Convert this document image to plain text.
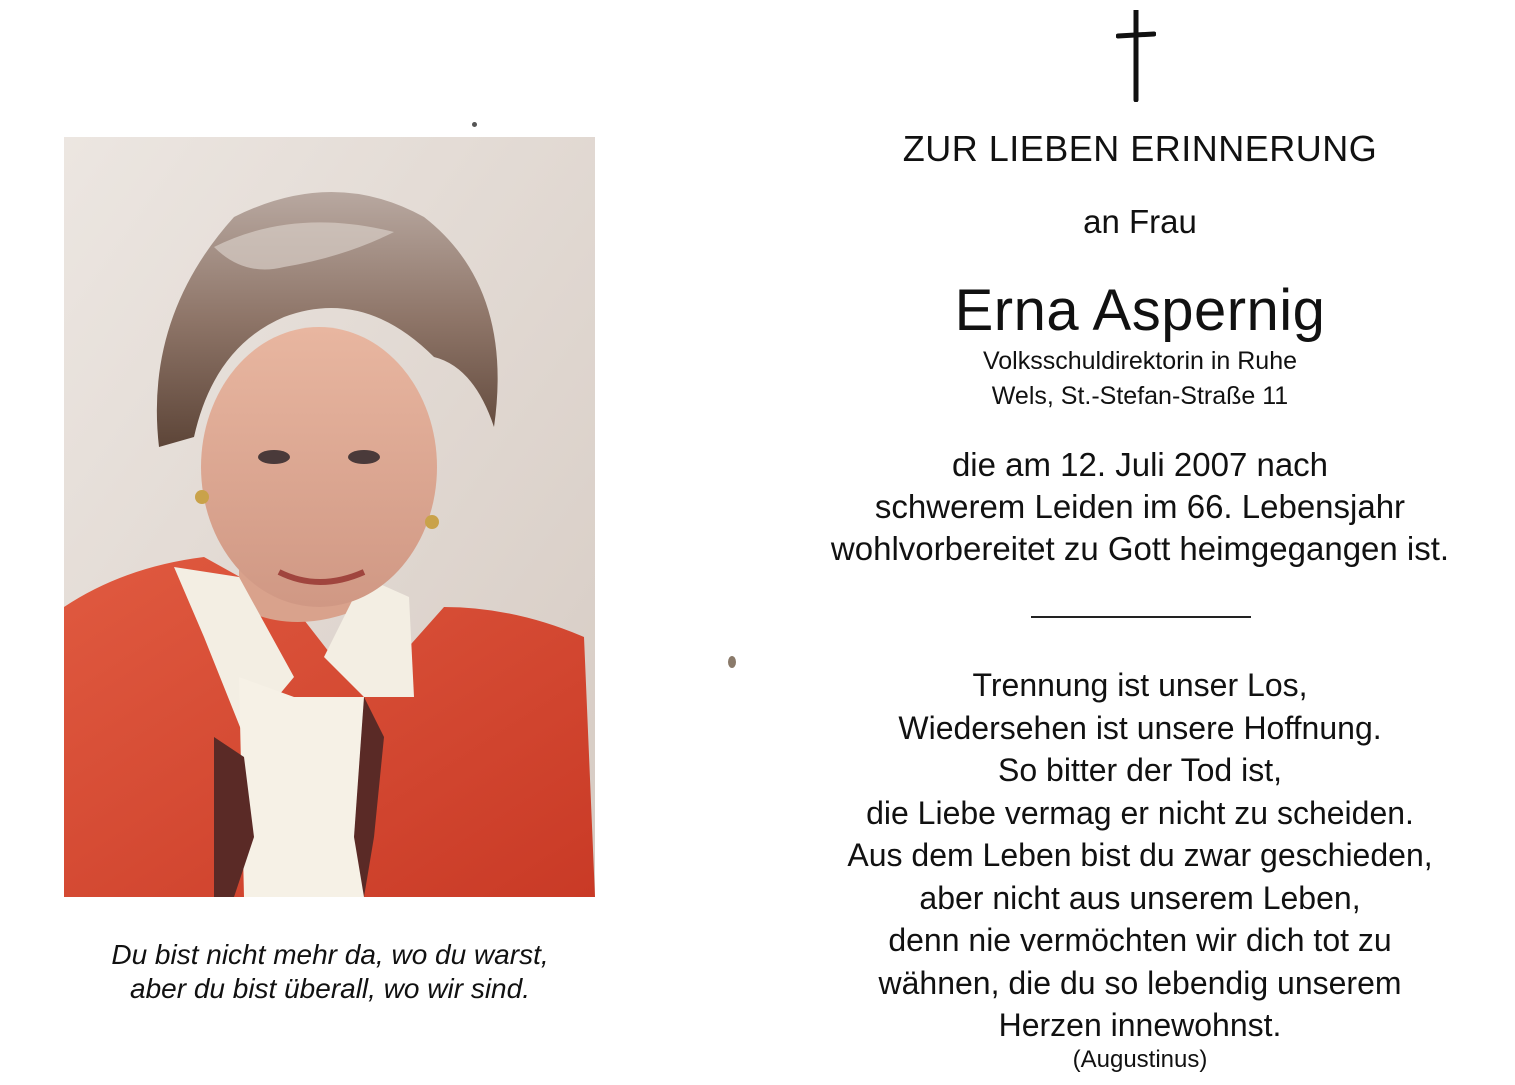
Du bist nicht mehr da, wo du warst,
aber du bist überall, wo wir sind.
ZUR LIEBEN ERINNERUNG
an Frau
Erna Aspernig
Volksschuldirektorin in Ruhe
Wels, St.-Stefan-Straße 11
die am 12. Juli 2007 nach
schwerem Leiden im 66. Lebensjahr
wohlvorbereitet zu Gott heimgegangen ist.
Trennung ist unser Los,
Wiedersehen ist unsere Hoffnung.
So bitter der Tod ist,
die Liebe vermag er nicht zu scheiden.
Aus dem Leben bist du zwar geschieden,
aber nicht aus unserem Leben,
denn nie vermöchten wir dich tot zu
wähnen, die du so lebendig unserem
Herzen innewohnst.
(Augustinus)
